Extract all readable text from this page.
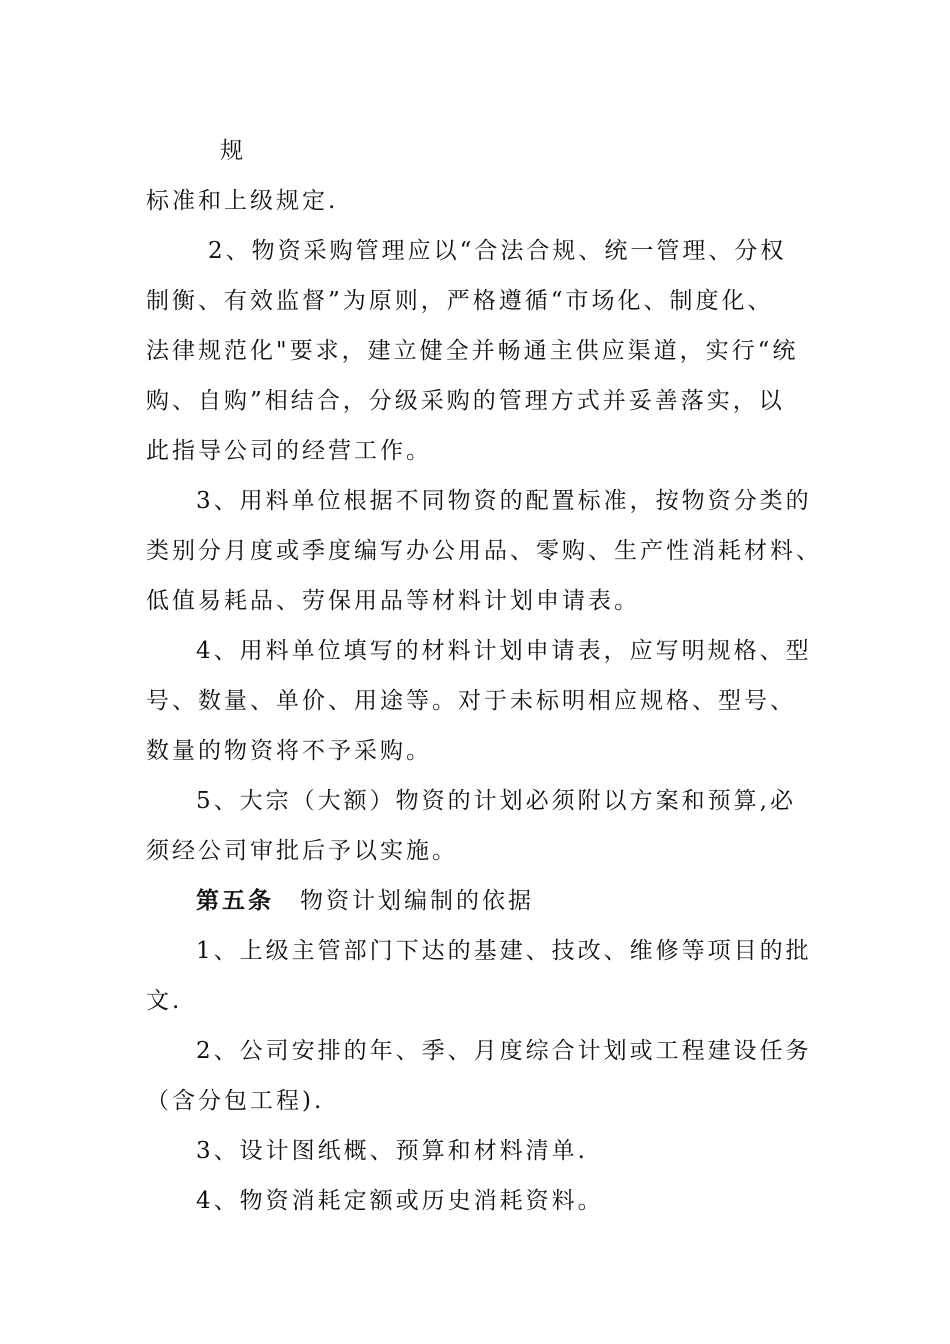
规
标准和上级规定.
2、物资采购管理应以“合法合规、统一管理、分权
制衡、有效监督”为原则，严格遵循“市场化、制度化、
法律规范化"要求，建立健全并畅通主供应渠道，实行“统
购、自购”相结合，分级采购的管理方式并妥善落实，以
此指导公司的经营工作。
3、用料单位根据不同物资的配置标准，按物资分类的
类别分月度或季度编写办公用品、零购、生产性消耗材料、
低值易耗品、劳保用品等材料计划申请表。
4、用料单位填写的材料计划申请表，应写明规格、型
号、数量、单价、用途等。对于未标明相应规格、型号、
数量的物资将不予采购。
5、大宗（大额）物资的计划必须附以方案和预算,必
须经公司审批后予以实施。
第五条 物资计划编制的依据
1、上级主管部门下达的基建、技改、维修等项目的批
文.
2、公司安排的年、季、月度综合计划或工程建设任务
（含分包工程).
3、设计图纸概、预算和材料清单.
4、物资消耗定额或历史消耗资料。
